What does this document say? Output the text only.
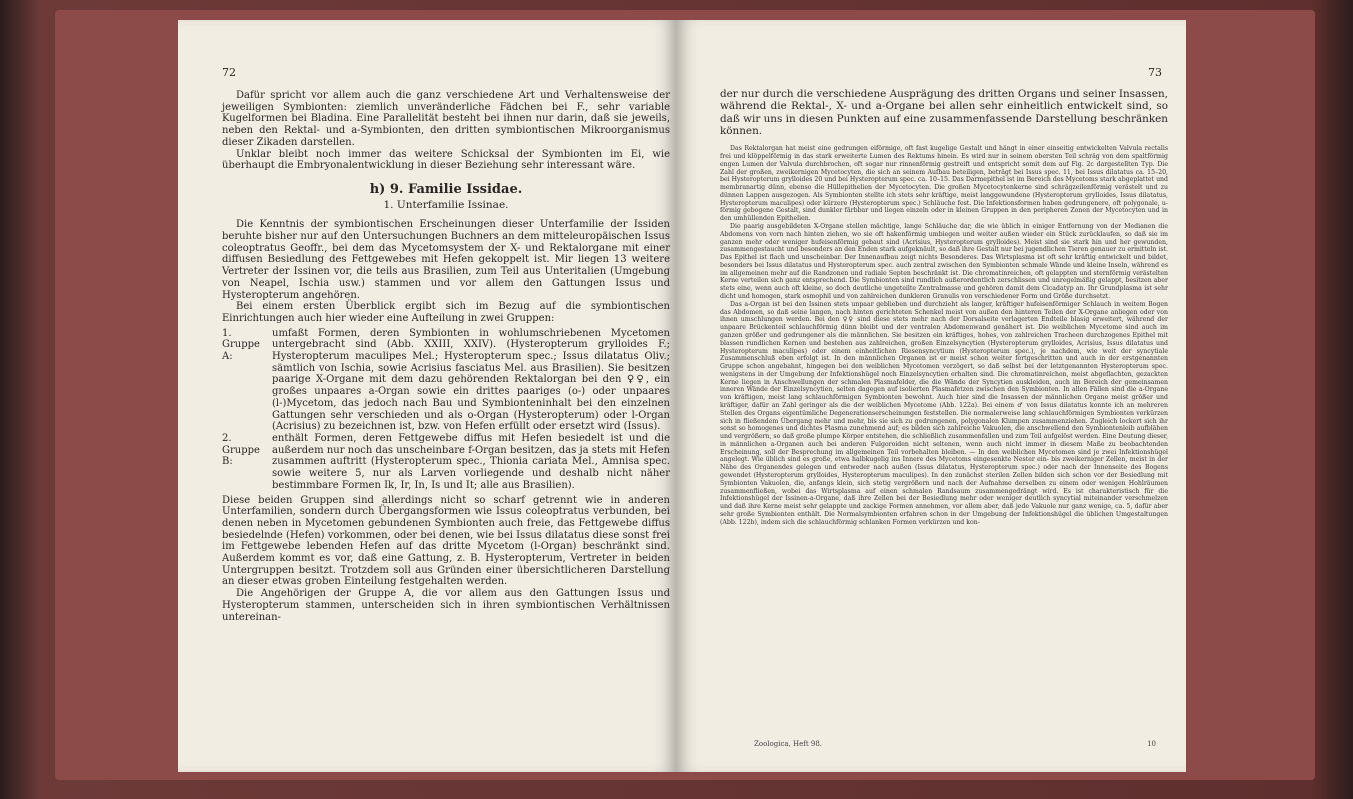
72

Dafür spricht vor allem auch die ganz verschiedene Art und Verhaltensweise der jeweiligen Symbionten: ziemlich unveränderliche Fädchen bei F., sehr variable Kugelformen bei Bladina. Eine Parallelität besteht bei ihnen nur darin, daß sie jeweils, neben den Rektal- und a-Symbionten, den dritten symbiontischen Mikroorganismus dieser Zikaden darstellen.

Unklar bleibt noch immer das weitere Schicksal der Symbionten im Ei, wie überhaupt die Embryonalentwicklung in dieser Beziehung sehr interessant wäre.

h) 9. Familie Issidae.
1. Unterfamilie Issinae.

Die Kenntnis der symbiontischen Erscheinungen dieser Unterfamilie der Issiden beruhte bisher nur auf den Untersuchungen Buchners an dem mitteleuropäischen Issus coleoptratus Geoffr., bei dem das Mycetomsystem der X- und Rektalorgane mit einer diffusen Besiedlung des Fettgewebes mit Hefen gekoppelt ist. Mir liegen 13 weitere Vertreter der Issinen vor, die teils aus Brasilien, zum Teil aus Unteritalien (Umgebung von Neapel, Ischia usw.) stammen und vor allem den Gattungen Issus und Hysteropterum angehören.

Bei einem ersten Überblick ergibt sich im Bezug auf die symbiontischen Einrichtungen auch hier wieder eine Aufteilung in zwei Gruppen:

1. Gruppe A:
umfaßt Formen, deren Symbionten in wohlumschriebenen Mycetomen untergebracht sind (Abb. XXIII, XXIV). (Hysteropterum grylloides F.; Hysteropterum maculipes Mel.; Hysteropterum spec.; Issus dilatatus Oliv.; sämtlich von Ischia, sowie Acrisius fasciatus Mel. aus Brasilien). Sie besitzen paarige X-Organe mit dem dazu gehörenden Rektalorgan bei den ♀♀, ein großes unpaares a-Organ sowie ein drittes paariges (o-) oder unpaares (l-)Mycetom, das jedoch nach Bau und Symbionteninhalt bei den einzelnen Gattungen sehr verschieden und als o-Organ (Hysteropterum) oder l-Organ (Acrisius) zu bezeichnen ist, bzw. von Hefen erfüllt oder ersetzt wird (Issus).
2. Gruppe B:
enthält Formen, deren Fettgewebe diffus mit Hefen besiedelt ist und die außerdem nur noch das unscheinbare f-Organ besitzen, das ja stets mit Hefen zusammen auftritt (Hysteropterum spec., Thionia cariata Mel., Amnisa spec. sowie weitere 5, nur als Larven vorliegende und deshalb nicht näher bestimmbare Formen Ik, Ir, In, Is und It; alle aus Brasilien).

Diese beiden Gruppen sind allerdings nicht so scharf getrennt wie in anderen Unterfamilien, sondern durch Übergangsformen wie Issus coleoptratus verbunden, bei denen neben in Mycetomen gebundenen Symbionten auch freie, das Fettgewebe diffus besiedelnde (Hefen) vorkommen, oder bei denen, wie bei Issus dilatatus diese sonst frei im Fettgewebe lebenden Hefen auf das dritte Mycetom (l-Organ) beschränkt sind. Außerdem kommt es vor, daß eine Gattung, z. B. Hysteropterum, Vertreter in beiden Untergruppen besitzt. Trotzdem soll aus Gründen einer übersichtlicheren Darstellung an dieser etwas groben Einteilung festgehalten werden.

Die Angehörigen der Gruppe A, die vor allem aus den Gattungen Issus und Hysteropterum stammen, unterscheiden sich in ihren symbiontischen Verhältnissen untereinan-

73

der nur durch die verschiedene Ausprägung des dritten Organs und seiner Insassen, während die Rektal-, X- und a-Organe bei allen sehr einheitlich entwickelt sind, so daß wir uns in diesen Punkten auf eine zusammenfassende Darstellung beschränken können.

Das Rektalorgan hat meist eine gedrungen eiförmige, oft fast kugelige Gestalt und hängt in einer einseitig entwickelten Valvula rectalis frei und klöppelförmig in das stark erweiterte Lumen des Rektums hinein. Es wird nur in seinem obersten Teil schräg von dem spaltförmig engen Lumen der Valvula durchbrochen, oft sogar nur rinnenförmig gestreift und entspricht somit dem auf Fig. 2c dargestellten Typ. Die Zahl der großen, zweikernigen Mycetocyten, die sich an seinem Aufbau beteiligen, beträgt bei Issus spec. 11, bei Issus dilatatus ca. 15–20, bei Hysteropterum grylloides 20 und bei Hysteropterum spec. ca. 10–15. Das Darmepithel ist im Bereich des Mycetoms stark abgeplattet und membranartig dünn, ebenso die Hüllepithelien der Mycetocyten. Die großen Mycetocytenkerne sind schrägzeilenförmig verästelt und zu dünnen Lappen ausgezogen. Als Symbionten stellte ich stets sehr kräftige, meist langgewundene (Hysteropterum grylloides, Issus dilatatus, Hysteropterum maculipes) oder kürzere (Hysteropterum spec.) Schläuche fest. Die Infektionsformen haben gedrungenere, oft polygonale, u-förmig gebogene Gestalt, sind dunkler färbbar und liegen einzeln oder in kleinen Gruppen in den peripheren Zonen der Mycetocyten und in den umhüllenden Epithelien.

Die paarig ausgebildeten X-Organe stellen mächtige, lange Schläuche dar, die wie üblich in einiger Entfernung von der Medianen die Abdomens von vorn nach hinten ziehen, wo sie oft hakenförmig umbiegen und weiter außen wieder ein Stück zurücklaufen, so daß sie im ganzen mehr oder weniger hufeisenförmig gebaut sind (Acrisius, Hysteropterum grylloides). Meist sind sie stark hin und her gewunden, zusammengestaucht und besonders an den Enden stark aufgeknäult, so daß ihre Gestalt nur bei jugendlichen Tieren genauer zu ermitteln ist. Das Epithel ist flach und unscheinbar. Der Innenaufbau zeigt nichts Besonderes. Das Wirtsplasma ist oft sehr kräftig entwickelt und bildet, besonders bei Issus dilatatus und Hysteropterum spec. auch zentral zwischen den Symbionten schmale Wände und kleine Inseln, während es im allgemeinen mehr auf die Randzonen und radiale Septen beschränkt ist. Die chromatinreichen, oft gelappten und sternförmig verästelten Kerne verteilen sich ganz entsprechend. Die Symbionten sind rundlich außerordentlich zerschlissen und unregelmäßig gelappt, besitzen aber stets eine, wenn auch oft kleine, so doch deutliche ungeteilte Zentralmasse und gehören damit dem Cicadatyp an. Ihr Grundplasma ist sehr dicht und homogen, stark osmophil und von zahlreichen dunkleren Granulis von verschiedener Form und Größe durchsetzt.

Das a-Organ ist bei den Issinen stets unpaar geblieben und durchzieht als langer, kräftiger hufeisenförmiger Schlauch in weitem Bogen das Abdomen, so daß seine langen, nach hinten gerichteten Schenkel meist von außen den hinteren Teilen der X-Organe anliegen oder von ihnen umschlungen werden. Bei den ♀♀ sind diese stets mehr nach der Dorsalseite verlagerten Endteile blasig erweitert, während der unpaare Brückenteil schlauchförmig dünn bleibt und der ventralen Abdomenwand genähert ist. Die weiblichen Mycetome sind auch im ganzen größer und gedrungener als die männlichen. Sie besitzen ein kräftiges, hohes, von zahlreichen Tracheen durchzogenes Epithel mit blassen rundlichen Kernen und bestehen aus zahlreichen, großen Einzelsyncytien (Hysteropterum grylloides, Acrisius, Issus dilatatus und Hysteropterum maculipes) oder einem einheitlichen Riesensyncytium (Hysteropterum spec.), je nachdem, wie weit der syncytiale Zusammenschluß eben erfolgt ist. In den männlichen Organen ist er meist schon weiter fortgeschritten und auch in der erstgenannten Gruppe schon angebahnt, hingegen bei den weiblichen Mycetomen verzögert, so daß selbst bei der letztgenannten Hysteropterum spec. wenigstens in der Umgebung der Infektionshügel noch Einzelsyncytien erhalten sind. Die chromatinreichen, meist abgeflachten, gezackten Kerne liegen in Anschwellungen der schmalen Plasmafelder, die die Wände der Syncytien auskleiden, auch im Bereich der gemeinsamen inneren Wände der Einzelsyncytien, selten dagegen auf isolierten Plasmafetzen zwischen den Symbionten. In allen Fällen sind die a-Organe von kräftigen, meist lang schlauchförmigen Symbionten bewohnt. Auch hier sind die Insassen der männlichen Organe meist größer und kräftiger, dafür an Zahl geringer als die der weiblichen Mycetome (Abb. 122a). Bei einem ♂ von Issus dilatatus konnte ich an mehreren Stellen des Organs eigentümliche Degenerationserscheinungen feststellen. Die normalerweise lang schlauchförmigen Symbionten verkürzen sich in fließendem Übergang mehr und mehr, bis sie sich zu gedrungenen, polygonalen Klumpen zusammenziehen. Zugleich lockert sich ihr sonst so homogenes und dichtes Plasma zunehmend auf; es bilden sich zahlreiche Vakuolen, die anschwellend den Symbiontenleib aufblähen und vergrößern, so daß große plumpe Körper entstehen, die schließlich zusammenfallen und zum Teil aufgelöst werden. Eine Deutung dieser, in männlichen a-Organen auch bei anderen Fulgoroiden nicht seltenen, wenn auch nicht immer in diesem Maße zu beobachtenden Erscheinung, soll der Besprechung im allgemeinen Teil vorbehalten bleiben. — In den weiblichen Mycetomen sind je zwei Infektionshügel angelegt. Wie üblich sind es große, etwa halbkugelig ins Innere des Mycetoms eingesenkte Nester ein- bis zweikerniger Zellen, meist in der Nähe des Organendes gelegen und entweder nach außen (Issus dilatatus, Hysteropterum spec.) oder nach der Innenseite des Bogens gewendet (Hysteropterum grylloides, Hysteropterum maculipes). In den zunächst sterilen Zellen bilden sich schon vor der Besiedlung mit Symbionten Vakuolen, die, anfangs klein, sich stetig vergrößern und nach der Aufnahme derselben zu einem oder wenigen Hohlräumen zusammenfließen, wobei das Wirtsplasma auf einen schmalen Randsaum zusammengedrängt wird. Es ist charakteristisch für die Infektionshügel der Issinen-a-Organe, daß ihre Zellen bei der Besiedlung mehr oder weniger deutlich syncytial miteinander verschmelzen und daß ihre Kerne meist sehr gelappte und zackige Formen annehmen, vor allem aber, daß jede Vakuole nur ganz wenige, ca. 5, dafür aber sehr große Symbionten enthält. Die Normalsymbionten erfahren schon in der Umgebung der Infektionshügel die üblichen Umgestaltungen (Abb. 122b), indem sich die schlauchförmig schlanken Formen verkürzen und kon-

Zoologica, Heft 98.	10
